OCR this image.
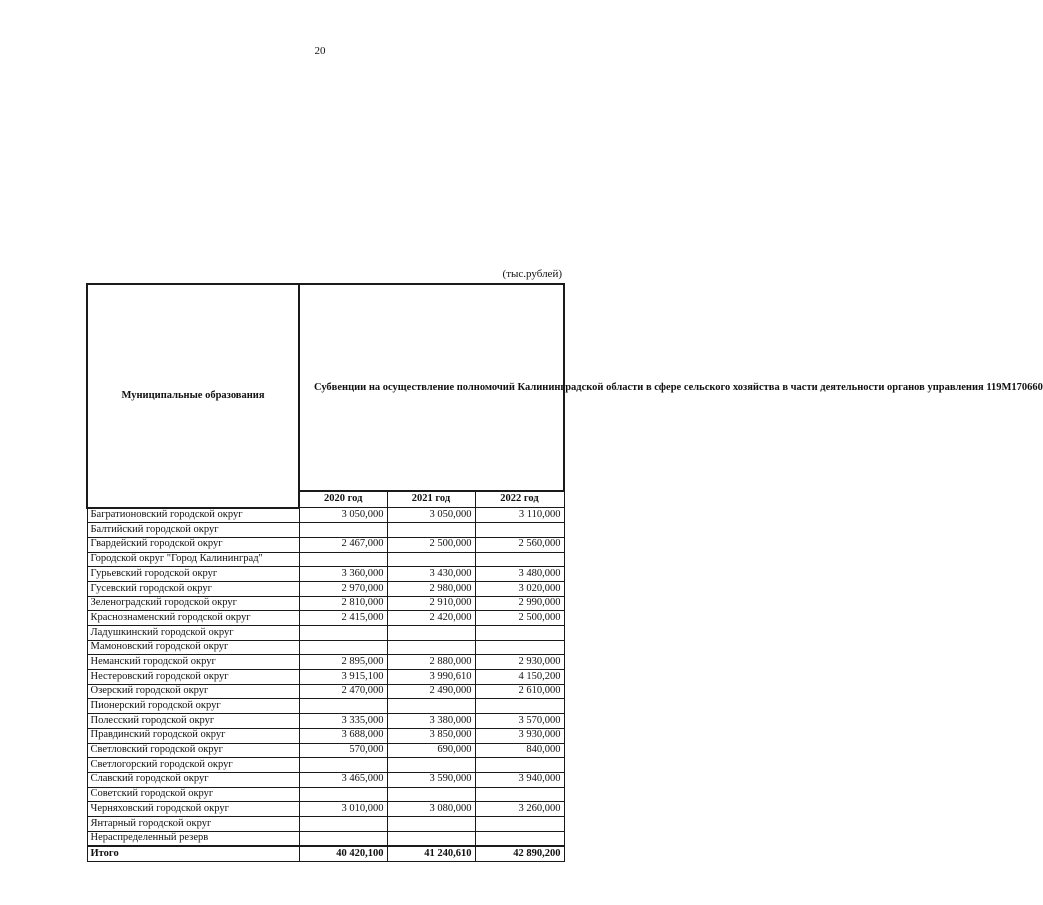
20
(тыс.рублей)
Муниципальные образования	Субвенции на осуществление полномочий Калининградской области в сфере сельского хозяйства в части деятельности органов управления 119М170660		
	2020 год	2021 год	2022 год
Багратионовский городской округ	3 050,000	3 050,000	3 110,000
Балтийский городской округ			
Гвардейский городской округ	2 467,000	2 500,000	2 560,000
Городской округ "Город Калининград"			
Гурьевский городской округ	3 360,000	3 430,000	3 480,000
Гусевский городской округ	2 970,000	2 980,000	3 020,000
Зеленоградский городской округ	2 810,000	2 910,000	2 990,000
Краснознаменский городской округ	2 415,000	2 420,000	2 500,000
Ладушкинский городской округ			
Мамоновский городской округ			
Неманский городской округ	2 895,000	2 880,000	2 930,000
Нестеровский городской округ	3 915,100	3 990,610	4 150,200
Озерский городской округ	2 470,000	2 490,000	2 610,000
Пионерский городской округ			
Полесский городской округ	3 335,000	3 380,000	3 570,000
Правдинский городской округ	3 688,000	3 850,000	3 930,000
Светловский городской округ	570,000	690,000	840,000
Светлогорский городской округ			
Славский городской округ	3 465,000	3 590,000	3 940,000
Советский городской округ			
Черняховский городской округ	3 010,000	3 080,000	3 260,000
Янтарный городской округ			
Нераспределенный резерв			
Итого	40 420,100	41 240,610	42 890,200
